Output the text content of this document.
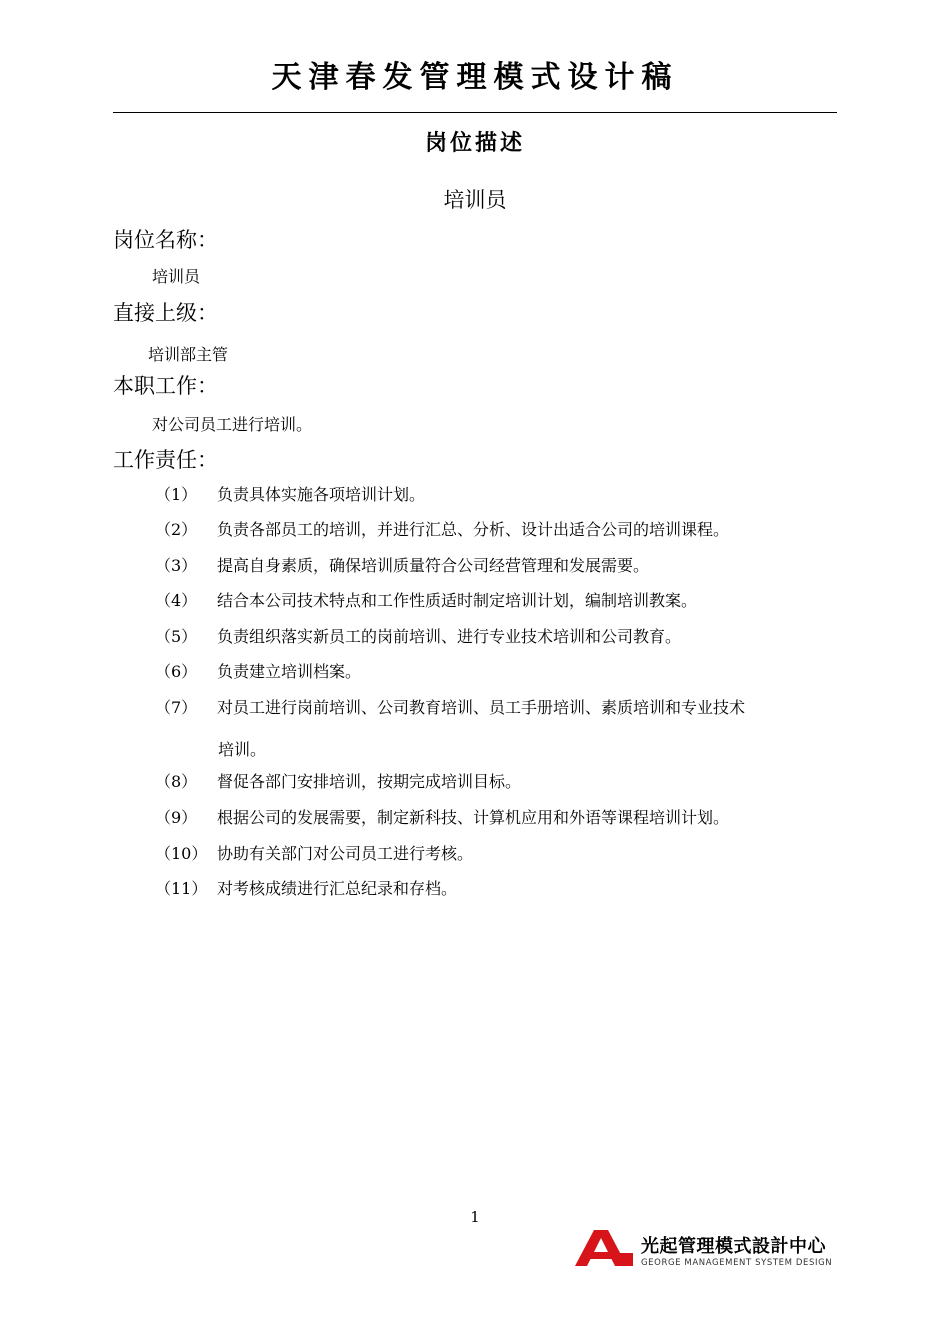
天津春发管理模式设计稿
岗位描述
培训员
岗位名称：
培训员
直接上级：
培训部主管
本职工作：
对公司员工进行培训。
工作责任：
（1） 负责具体实施各项培训计划。
（2） 负责各部员工的培训，并进行汇总、分析、设计出适合公司的培训课程。
（3） 提高自身素质，确保培训质量符合公司经营管理和发展需要。
（4） 结合本公司技术特点和工作性质适时制定培训计划，编制培训教案。
（5） 负责组织落实新员工的岗前培训、进行专业技术培训和公司教育。
（6） 负责建立培训档案。
（7） 对员工进行岗前培训、公司教育培训、员工手册培训、素质培训和专业技术
培训。
（8） 督促各部门安排培训，按期完成培训目标。
（9） 根据公司的发展需要，制定新科技、计算机应用和外语等课程培训计划。
（10） 协助有关部门对公司员工进行考核。
（11） 对考核成绩进行汇总纪录和存档。
1
光起管理模式設計中心
GEORGE MANAGEMENT SYSTEM DESIGN
